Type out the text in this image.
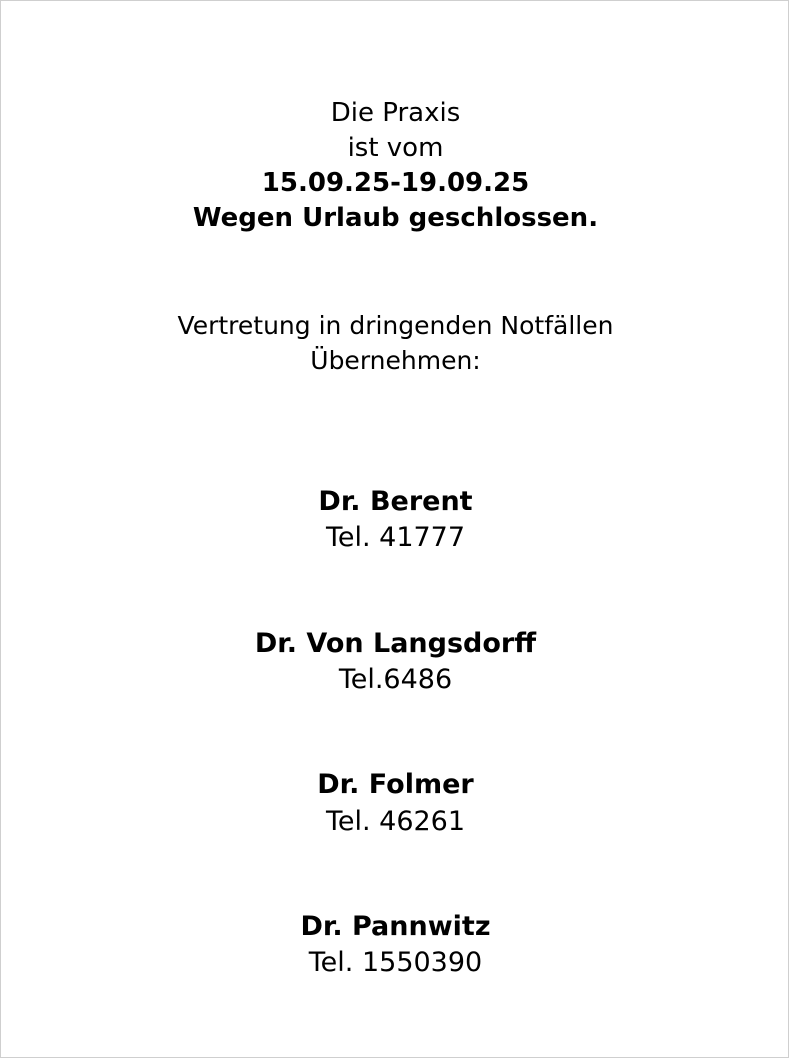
Die Praxis
ist vom
15.09.25-19.09.25
Wegen Urlaub geschlossen.
Vertretung in dringenden Notfällen
Übernehmen:
Dr. Berent
Tel. 41777
Dr. Von Langsdorff
Tel.6486
Dr. Folmer
Tel. 46261
Dr. Pannwitz
Tel. 1550390
